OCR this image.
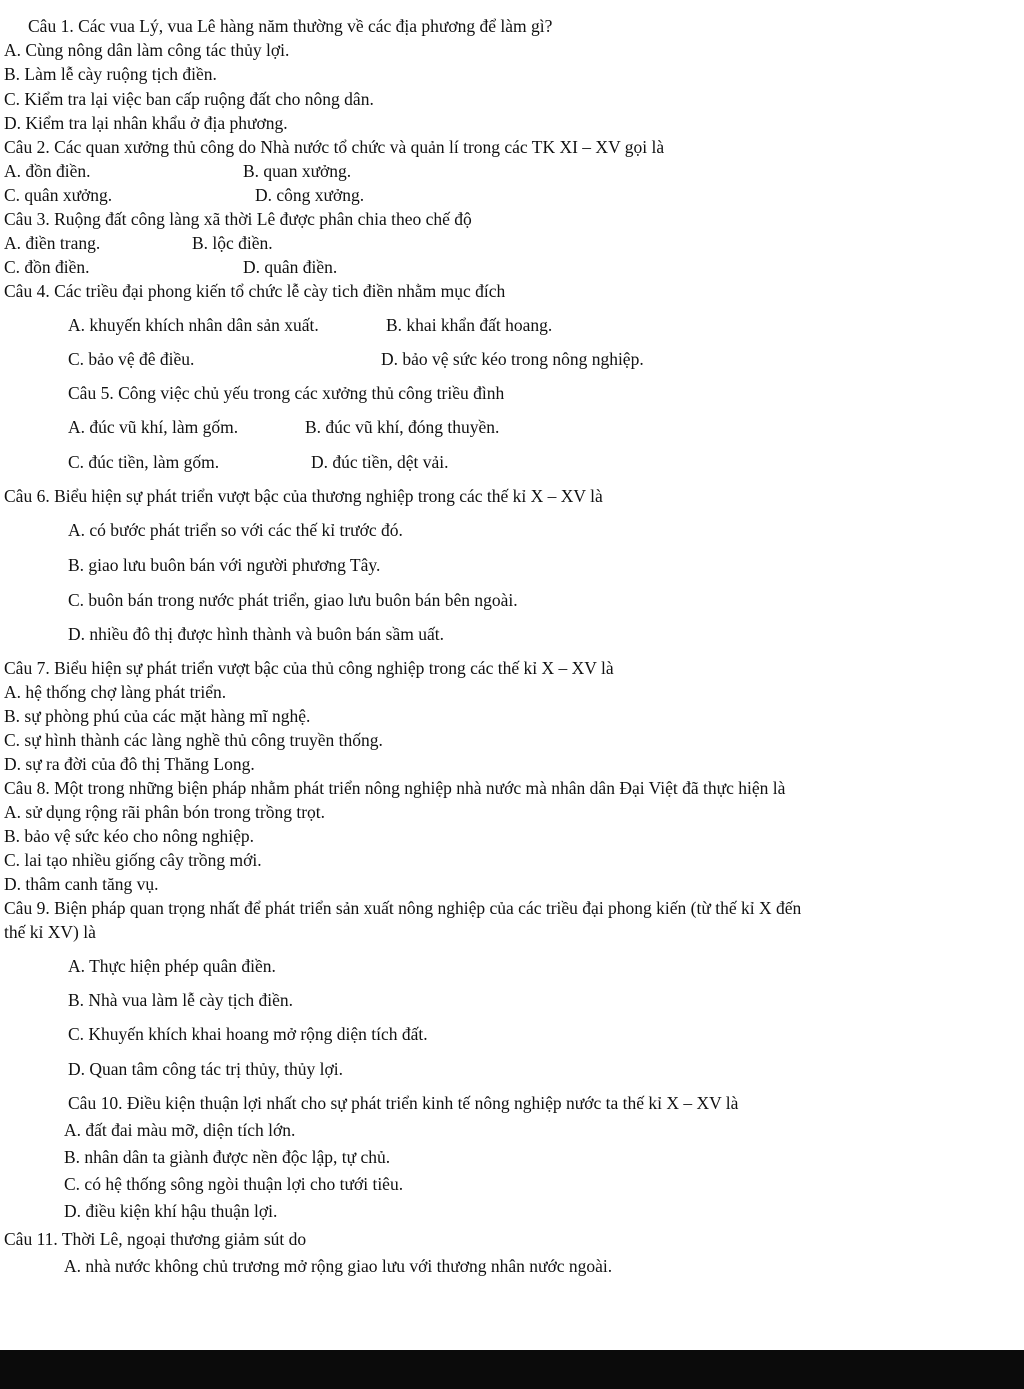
Câu 1. Các vua Lý, vua Lê hàng năm thường về các địa phương để làm gì?
A. Cùng nông dân làm công tác thủy lợi.
B. Làm lễ cày ruộng tịch điền.
C. Kiểm tra lại việc ban cấp ruộng đất cho nông dân.
D. Kiểm tra lại nhân khẩu ở địa phương.
Câu 2. Các quan xưởng thủ công do Nhà nước tổ chức và quản lí trong các TK XI – XV gọi là
A. đồn điền.	B. quan xưởng.
C. quân xưởng.	D. công xưởng.
Câu 3. Ruộng đất công làng xã thời Lê được phân chia theo chế độ
A. điền trang.	B. lộc điền.
C. đồn điền.	D. quân điền.
Câu 4. Các triều đại phong kiến tổ chức lễ cày tich điền nhằm mục đích
A. khuyến khích nhân dân sản xuất.	B. khai khẩn đất hoang.
C. bảo vệ đê điều.	D. bảo vệ sức kéo trong nông nghiệp.
Câu 5. Công việc chủ yếu trong các xưởng thủ công triều đình
A. đúc vũ khí, làm gốm.	B. đúc vũ khí, đóng thuyền.
C. đúc tiền, làm gốm.	D. đúc tiền, dệt vải.
Câu 6. Biểu hiện sự phát triển vượt bậc của thương nghiệp trong các thế kỉ X – XV là
A. có bước phát triển so với các thế kỉ trước đó.
B. giao lưu buôn bán với người phương Tây.
C. buôn bán trong nước phát triển, giao lưu buôn bán bên ngoài.
D. nhiều đô thị được hình thành và buôn bán sầm uất.
Câu 7. Biểu hiện sự phát triển vượt bậc của thủ công nghiệp trong các thế kỉ X – XV là
A. hệ thống chợ làng phát triển.
B. sự phòng phú của các mặt hàng mĩ nghệ.
C. sự hình thành các làng nghề thủ công truyền thống.
D. sự ra đời của đô thị Thăng Long.
Câu 8. Một trong những biện pháp nhằm phát triển nông nghiệp nhà nước mà nhân dân Đại Việt đã thực hiện là
A. sử dụng rộng rãi phân bón trong trồng trọt.
B. bảo vệ sức kéo cho nông nghiệp.
C. lai tạo nhiều giống cây trồng mới.
D. thâm canh tăng vụ.
Câu 9. Biện pháp quan trọng nhất để phát triển sản xuất nông nghiệp của các triều đại phong kiến (từ thế kỉ X đến
thế kỉ XV) là
A. Thực hiện phép quân điền.
B. Nhà vua làm lễ cày tịch điền.
C. Khuyến khích khai hoang mở rộng diện tích đất.
D. Quan tâm công tác trị thủy, thủy lợi.
Câu 10. Điều kiện thuận lợi nhất cho sự phát triển kinh tế nông nghiệp nước ta thế kỉ X – XV là
A. đất đai màu mỡ, diện tích lớn.
B. nhân dân ta giành được nền độc lập, tự chủ.
C. có hệ thống sông ngòi thuận lợi cho tưới tiêu.
D. điều kiện khí hậu thuận lợi.
Câu 11. Thời Lê, ngoại thương giảm sút do
A. nhà nước không chủ trương mở rộng giao lưu với thương nhân nước ngoài.
